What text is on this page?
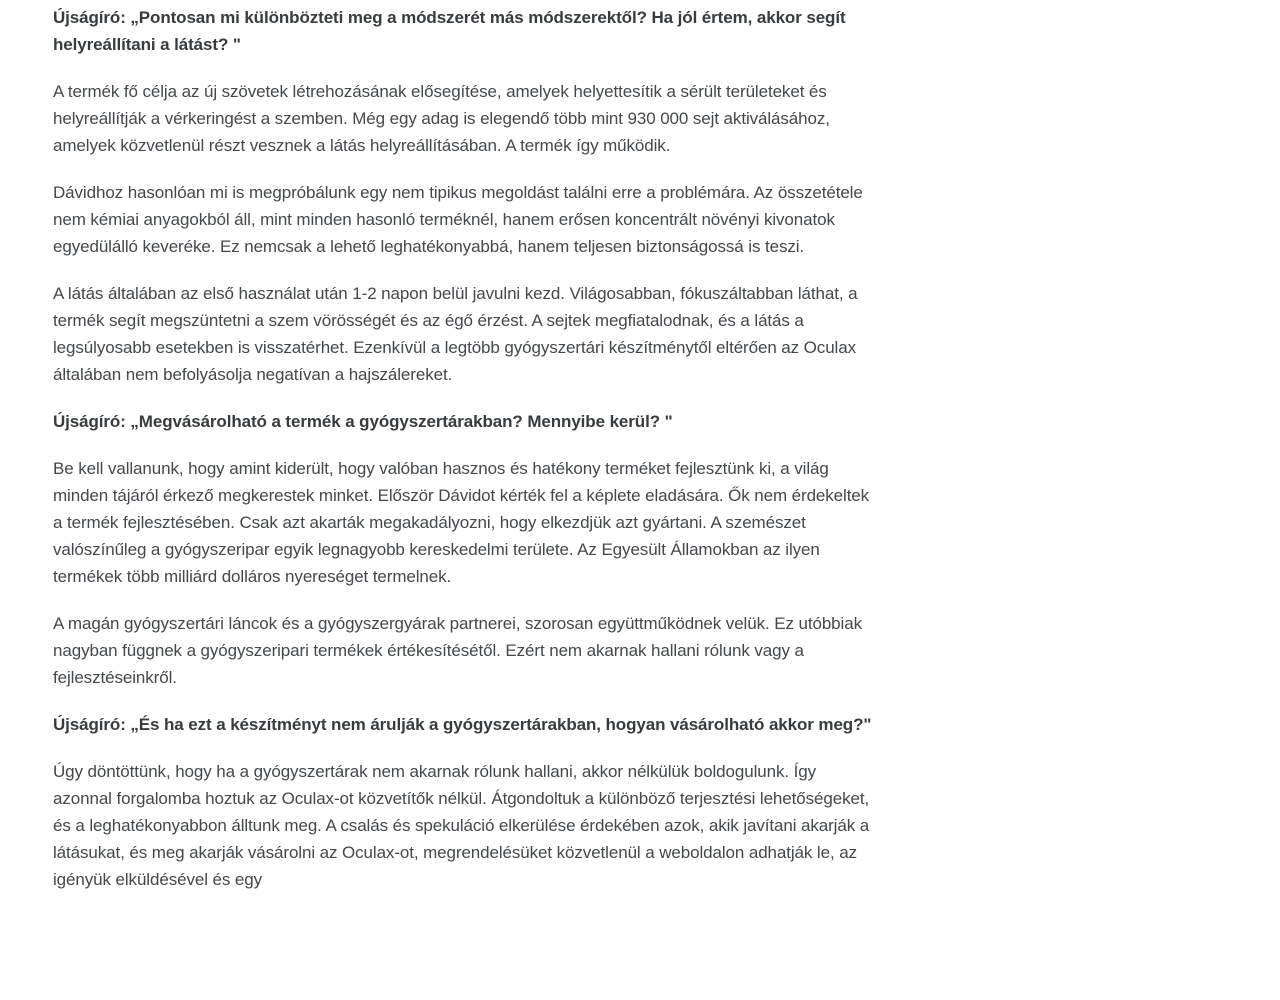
Újságíró: „Pontosan mi különbözteti meg a módszerét más módszerektől? Ha jól értem, akkor segít helyreállítani a látást? "

A termék fő célja az új szövetek létrehozásának elősegítése, amelyek helyettesítik a sérült területeket és helyreállítják a vérkeringést a szemben. Még egy adag is elegendő több mint 930 000 sejt aktiválásához, amelyek közvetlenül részt vesznek a látás helyreállításában. A termék így működik.

Dávidhoz hasonlóan mi is megpróbálunk egy nem tipikus megoldást találni erre a problémára. Az összetétele nem kémiai anyagokból áll, mint minden hasonló terméknél, hanem erősen koncentrált növényi kivonatok egyedülálló keveréke. Ez nemcsak a lehető leghatékonyabbá, hanem teljesen biztonságossá is teszi.

A látás általában az első használat után 1-2 napon belül javulni kezd. Világosabban, fókuszáltabban láthat, a termék segít megszüntetni a szem vörösségét és az égő érzést. A sejtek megfiatalodnak, és a látás a legsúlyosabb esetekben is visszatérhet. Ezenkívül a legtöbb gyógyszertári készítménytől eltérően az Oculax általában nem befolyásolja negatívan a hajszálereket.

Újságíró: „Megvásárolható a termék a gyógyszertárakban? Mennyibe kerül? "

Be kell vallanunk, hogy amint kiderült, hogy valóban hasznos és hatékony terméket fejlesztünk ki, a világ minden tájáról érkező megkerestek minket. Először Dávidot kérték fel a képlete eladására. Ők nem érdekeltek a termék fejlesztésében. Csak azt akarták megakadályozni, hogy elkezdjük azt gyártani. A szemészet valószínűleg a gyógyszeripar egyik legnagyobb kereskedelmi területe. Az Egyesült Államokban az ilyen termékek több milliárd dolláros nyereséget termelnek.

A magán gyógyszertári láncok és a gyógyszergyárak partnerei, szorosan együttműködnek velük. Ez utóbbiak nagyban függnek a gyógyszeripari termékek értékesítésétől. Ezért nem akarnak hallani rólunk vagy a fejlesztéseinkről.

Újságíró: „És ha ezt a készítményt nem árulják a gyógyszertárakban, hogyan vásárolható akkor meg?"

Úgy döntöttünk, hogy ha a gyógyszertárak nem akarnak rólunk hallani, akkor nélkülük boldogulunk. Így azonnal forgalomba hoztuk az Oculax-ot közvetítők nélkül. Átgondoltuk a különböző terjesztési lehetőségeket, és a leghatékonyabbon álltunk meg. A csalás és spekuláció elkerülése érdekében azok, akik javítani akarják a látásukat, és meg akarják vásárolni az Oculax-ot, megrendelésüket közvetlenül a weboldalon adhatják le, az igényük elküldésével és egy
